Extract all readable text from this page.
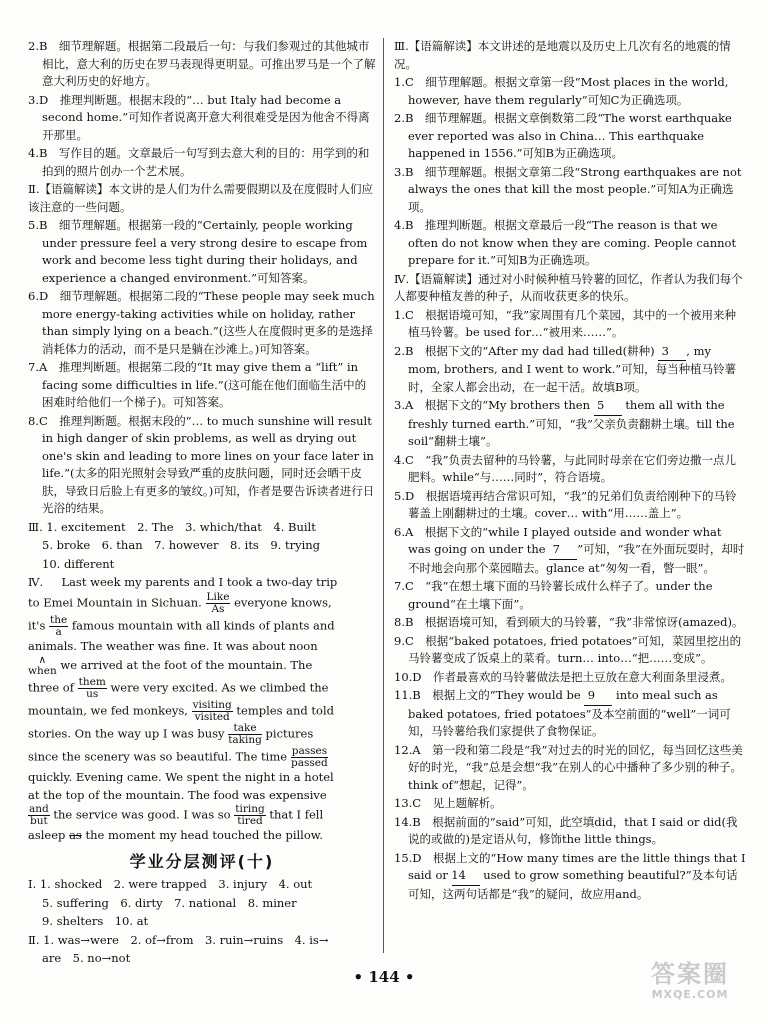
2.B　细节理解题。根据第二段最后一句：与我们参观过的其他城市相比，意大利的历史在罗马表现得更明显。可推出罗马是一个了解意大利历史的好地方。
3.D　推理判断题。根据末段的“… but Italy had become a second home.”可知作者说离开意大利很难受是因为他舍不得离开那里。
4.B　写作目的题。文章最后一句写到去意大利的目的：用学到的和拍到的照片创办一个艺术展。
Ⅱ.【语篇解读】本文讲的是人们为什么需要假期以及在度假时人们应该注意的一些问题。
5.B　细节理解题。根据第一段的“Certainly, people working under pressure feel a very strong desire to escape from work and become less tight during their holidays, and experience a changed environment.”可知答案。
6.D　细节理解题。根据第二段的“These people may seek much more energy-taking activities while on holiday, rather than simply lying on a beach.”(这些人在度假时更多的是选择消耗体力的活动，而不是只是躺在沙滩上。)可知答案。
7.A　推理判断题。根据第二段的“It may give them a “lift” in facing some difficulties in life.”(这可能在他们面临生活中的困难时给他们一个梯子)。可知答案。
8.C　推理判断题。根据末段的“… to much sunshine will result in high danger of skin problems, as well as drying out one's skin and leading to more lines on your face later in life.”(太多的阳光照射会导致严重的皮肤问题，同时还会晒干皮肤，导致日后脸上有更多的皱纹。)可知，作者是要告诉读者进行日光浴的结果。
Ⅲ. 1. excitement　2. The　3. which/that　4. Built
5. broke　6. than　7. however　8. its　9. trying
10. different
Ⅳ. Last week my parents and I took a two-day trip
to Emei Mountain in Sichuan. Like
As everyone knows,
it's the
a famous mountain with all kinds of plants and
animals. The weather was fine. It was about noon
∧
when we arrived at the foot of the mountain. The
three of them
us	were very excited. As we climbed the
mountain, we fed monkeys, visiting
visited temples and told
stories. On the way up I was busy take
taking pictures
since the scenery was so beautiful. The time passes
passed
quickly. Evening came. We spent the night in a hotel
at the top of the mountain. The food was expensive
and
but the service was good. I was so tiring
tired that I fell
asleep as the moment my head touched the pillow.
学业分层测评(十)
Ⅰ. 1. shocked　2. were trapped　3. injury　4. out
5. suffering　6. dirty　7. national　8. miner
9. shelters　10. at
Ⅱ. 1. was→were　2. of→from　3. ruin→ruins　4. is→
are　5. no→not
Ⅲ.【语篇解读】本文讲述的是地震以及历史上几次有名的地震的情况。
1.C　细节理解题。根据文章第一段“Most places in the world, however, have them regularly”可知C为正确选项。
2.B　细节理解题。根据文章倒数第二段“The worst earthquake ever reported was also in China… This earthquake happened in 1556.”可知B为正确选项。
3.B　细节理解题。根据文章第二段“Strong earthquakes are not always the ones that kill the most people.”可知A为正确选项。
4.B　推理判断题。根据文章最后一段“The reason is that we often do not know when they are coming. People cannot prepare for it.”可知B为正确选项。
Ⅳ.【语篇解读】通过对小时候种植马铃薯的回忆，作者认为我们每个人都要种植友善的种子，从而收获更多的快乐。
1.C　根据语境可知，“我”家周围有几个菜园，其中的一个被用来种植马铃薯。be used for…“被用来……”。
2.B　根据下文的“After my dad had tilled(耕种) 3 , my mom, brothers, and I went to work.”可知，每当种植马铃薯时，全家人都会出动，在一起干活。故填B项。
3.A　根据下文的“My brothers then 5 them all with the freshly turned earth.”可知，“我”父亲负责翻耕土壤。till the soil“翻耕土壤”。
4.C　“我”负责去留种的马铃薯，与此同时母亲在它们旁边撒一点儿肥料。while“与……同时”，符合语境。
5.D　根据语境再结合常识可知，“我”的兄弟们负责给刚种下的马铃薯盖上刚翻耕过的土壤。cover… with“用……盖上”。
6.A　根据下文的“while I played outside and wonder what was going on under the 7 ”可知，“我”在外面玩耍时，却时不时地会向那个菜园瞄去。glance at“匆匆一看，瞥一眼”。
7.C　“我”在想土壤下面的马铃薯长成什么样子了。under the ground“在土壤下面”。
8.B　根据语境可知，看到硕大的马铃薯，“我”非常惊讶(amazed)。
9.C　根据“baked potatoes, fried potatoes”可知，菜园里挖出的马铃薯变成了饭桌上的菜肴。turn… into…“把……变成”。
10.D　作者最喜欢的马铃薯做法是把土豆放在意大利面条里浸煮。
11.B　根据上文的“They would be 9 into meal such as baked potatoes, fried potatoes”及本空前面的“well”一词可知，马铃薯给我们家提供了食物保证。
12.A　第一段和第二段是“我”对过去的时光的回忆，每当回忆这些美好的时光，“我”总是会想“我”在别人的心中播种了多少别的种子。think of“想起，记得”。
13.C　见上题解析。
14.B　根据前面的“said”可知，此空填did，that I said or did(我说的或做的)是定语从句，修饰the little things。
15.D　根据上文的“How many times are the little things that I said or 14 used to grow something beautiful?”及本句话可知，这两句话都是“我”的疑问，故应用and。
• 144 •	答案圈
MXQE.COM
